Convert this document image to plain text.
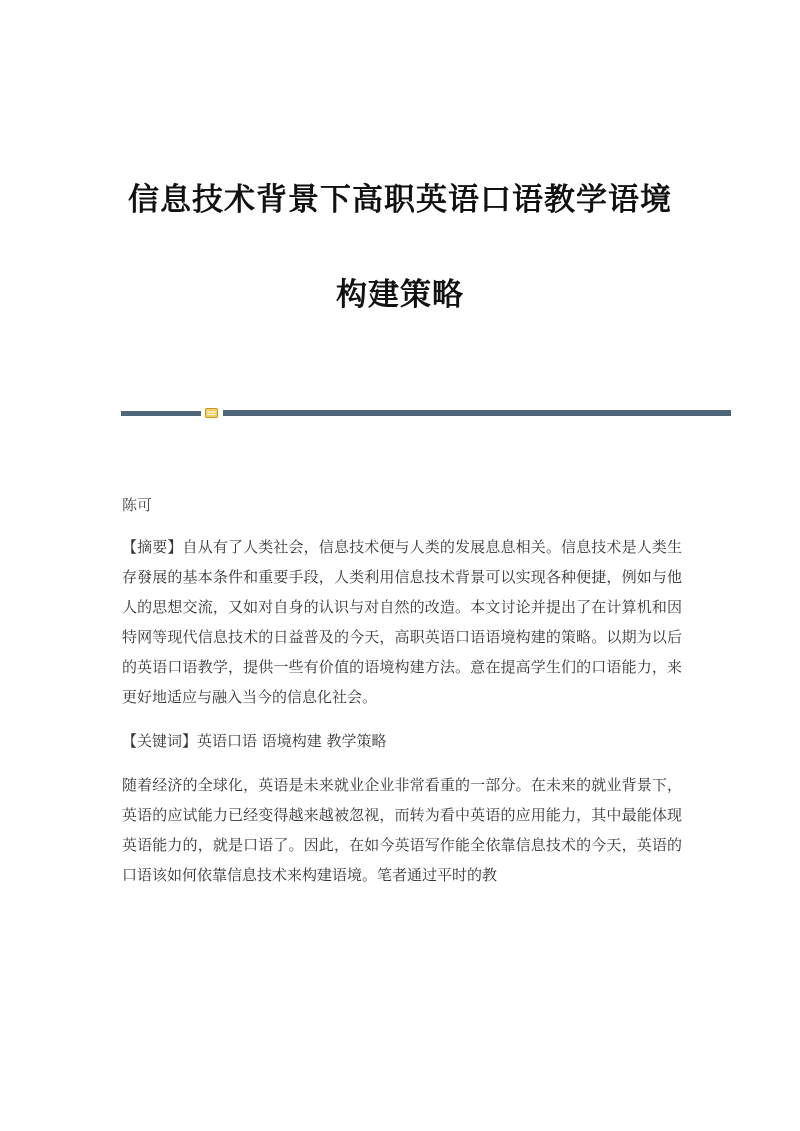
信息技术背景下高职英语口语教学语境
构建策略

陈可

【摘要】自从有了人类社会，信息技术便与人类的发展息息相关。信息技术是人类生存發展的基本条件和重要手段，人类利用信息技术背景可以实现各种便捷，例如与他人的思想交流，又如对自身的认识与对自然的改造。本文讨论并提出了在计算机和因特网等现代信息技术的日益普及的今天，高职英语口语语境构建的策略。以期为以后的英语口语教学，提供一些有价值的语境构建方法。意在提高学生们的口语能力，来更好地适应与融入当今的信息化社会。

【关键词】英语口语 语境构建 教学策略

随着经济的全球化，英语是未来就业企业非常看重的一部分。在未来的就业背景下，英语的应试能力已经变得越来越被忽视，而转为看中英语的应用能力，其中最能体现英语能力的，就是口语了。因此，在如今英语写作能全依靠信息技术的今天，英语的口语该如何依靠信息技术来构建语境。笔者通过平时的教
